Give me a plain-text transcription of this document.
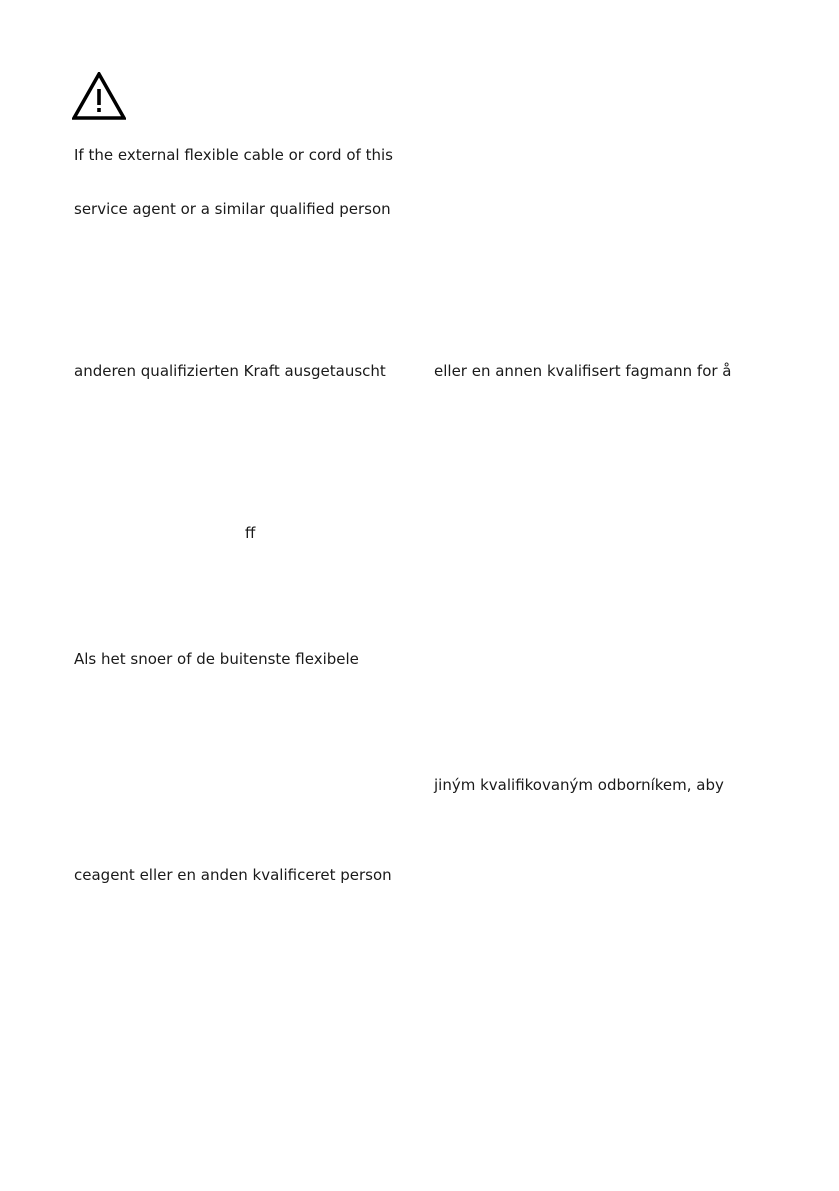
If the external flexible cable or cord of this
service agent or a similar qualified person
anderen qualifizierten Kraft ausgetauscht	eller en annen kvalifisert fagmann for å
ff
Als het snoer of de buitenste flexibele
jiným kvalifikovaným odborníkem, aby
ceagent eller en anden kvalificeret person
